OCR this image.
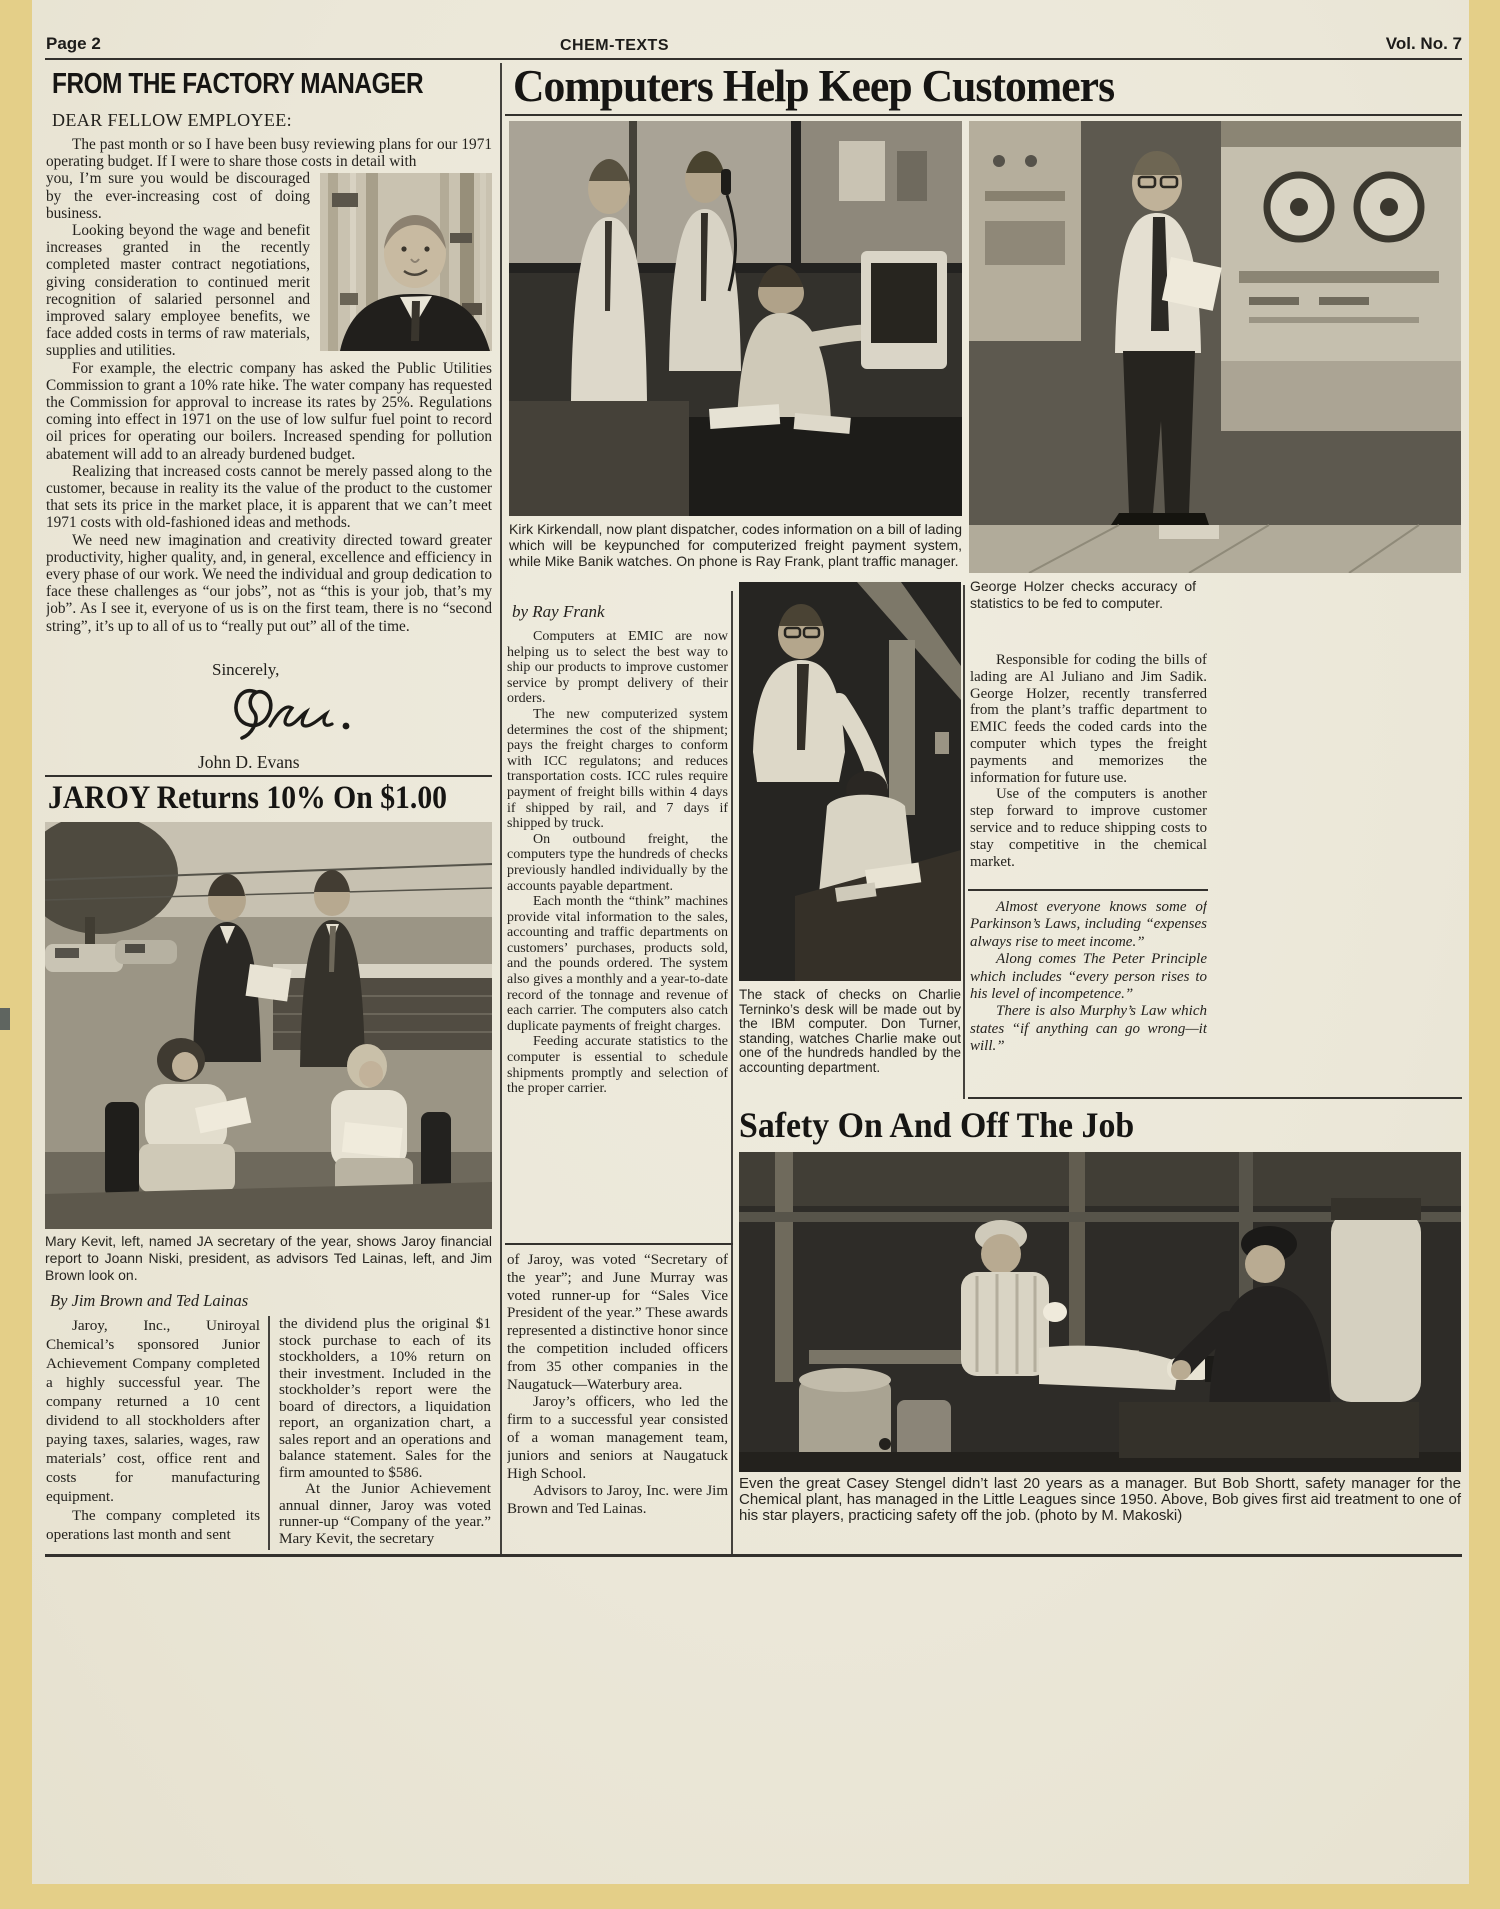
Page 2	CHEM-TEXTS	Vol. No. 7
FROM THE FACTORY MANAGER
DEAR FELLOW EMPLOYEE:

The past month or so I have been busy reviewing plans for our 1971 operating budget. If I were to share those costs in detail with

you, I’m sure you would be discouraged by the ever-increasing cost of doing business.

Looking beyond the wage and benefit increases granted in the recently completed master contract negotiations, giving consideration to continued merit recognition of salaried personnel and improved salary employee benefits, we face added costs in terms of raw materials, supplies and utilities.

For example, the electric company has asked the Public Utilities Commission to grant a 10% rate hike. The water company has requested the Commission for approval to increase its rates by 25%. Regulations coming into effect in 1971 on the use of low sulfur fuel point to record oil prices for operating our boilers. Increased spending for pollution abatement will add to an already burdened budget.

Realizing that increased costs cannot be merely passed along to the customer, because in reality its the value of the product to the customer that sets its price in the market place, it is apparent that we can’t meet 1971 costs with old-fashioned ideas and methods.

We need new imagination and creativity directed toward greater productivity, higher quality, and, in general, excellence and efficiency in every phase of our work. We need the individual and group dedication to face these challenges as “our jobs”, not as “this is your job, that’s my job”. As I see it, everyone of us is on the first team, there is no “second string”, it’s up to all of us to “really put out” all of the time.

Sincerely,
John D. Evans
JAROY Returns 10% On $1.00
Mary Kevit, left, named JA secretary of the year, shows Jaroy financial report to Joann Niski, president, as advisors Ted Lainas, left, and Jim Brown look on.
By Jim Brown and Ted Lainas

Jaroy, Inc., Uniroyal Chemical’s sponsored Junior Achievement Company completed a highly successful year. The company returned a 10 cent dividend to all stockholders after paying taxes, salaries, wages, raw materials’ cost, office rent and costs for manufacturing equipment.

The company completed its operations last month and sent

the dividend plus the original $1 stock purchase to each of its stockholders, a 10% return on their investment. Included in the stockholder’s report were the board of directors, a liquidation report, an organization chart, a sales report and an operations and balance statement. Sales for the firm amounted to $586.

At the Junior Achievement annual dinner, Jaroy was voted runner-up “Company of the year.” Mary Kevit, the secretary

Computers Help Keep Customers
Kirk Kirkendall, now plant dispatcher, codes information on a bill of lading which will be keypunched for computerized freight payment system, while Mike Banik watches. On phone is Ray Frank, plant traffic manager.
by Ray Frank

Computers at EMIC are now helping us to select the best way to ship our products to improve customer service by prompt delivery of their orders.

The new computerized system determines the cost of the shipment; pays the freight charges to conform with ICC regulatons; and reduces transportation costs. ICC rules require payment of freight bills within 4 days if shipped by rail, and 7 days if shipped by truck.

On outbound freight, the computers type the hundreds of checks previously handled individually by the accounts payable department.

Each month the “think” machines provide vital information to the sales, accounting and traffic departments on customers’ purchases, products sold, and the pounds ordered. The system also gives a monthly and a year-to-date record of the tonnage and revenue of each carrier. The computers also catch duplicate payments of freight charges.

Feeding accurate statistics to the computer is essential to schedule shipments promptly and selection of the proper carrier.

of Jaroy, was voted “Secretary of the year”; and June Murray was voted runner-up for “Sales Vice President of the year.” These awards represented a distinctive honor since the competition included officers from 35 other companies in the Naugatuck—Waterbury area.

Jaroy’s officers, who led the firm to a successful year consisted of a woman management team, juniors and seniors at Naugatuck High School.

Advisors to Jaroy, Inc. were Jim Brown and Ted Lainas.

The stack of checks on Charlie Terninko’s desk will be made out by the IBM computer. Don Turner, standing, watches Charlie make out one of the hundreds handled by the accounting department.
George Holzer checks accuracy of statistics to be fed to computer.

Responsible for coding the bills of lading are Al Juliano and Jim Sadik. George Holzer, recently transferred from the plant’s traffic department to EMIC feeds the coded cards into the computer which types the freight payments and memorizes the information for future use.

Use of the computers is another step forward to improve customer service and to reduce shipping costs to stay competitive in the chemical market.

Almost everyone knows some of Parkinson’s Laws, including “expenses always rise to meet income.”

Along comes The Peter Principle which includes “every person rises to his level of incompetence.”

There is also Murphy’s Law which states “if anything can go wrong—it will.”

Safety On And Off The Job
Even the great Casey Stengel didn’t last 20 years as a manager. But Bob Shortt, safety manager for the Chemical plant, has managed in the Little Leagues since 1950. Above, Bob gives first aid treatment to one of his star players, practicing safety off the job. (photo by M. Makoski)
